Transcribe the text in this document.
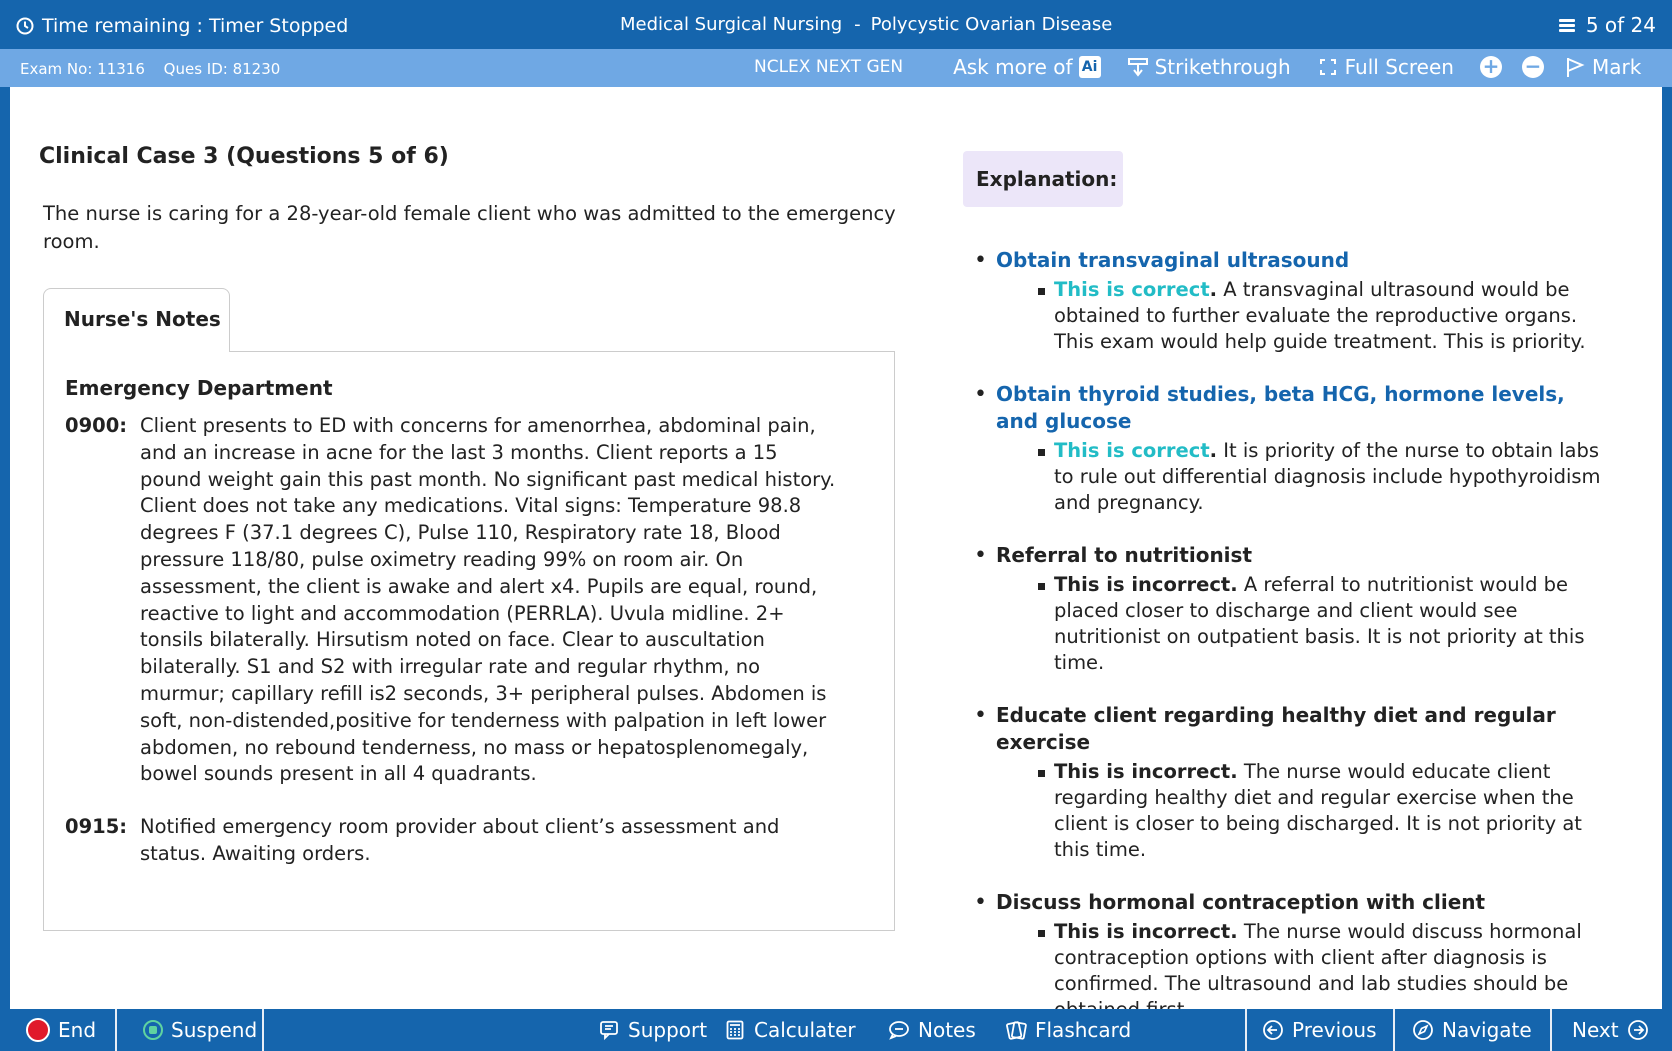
Time remaining : Timer Stopped	Medical Surgical Nursing - Polycystic Ovarian Disease	5 of 24
Exam No: 11316 Ques ID: 81230	NCLEX NEXT GEN	Ask more of Ai	Strikethrough	Full Screen + −	Mark
Clinical Case 3 (Questions 5 of 6)
The nurse is caring for a 28-year-old female client who was admitted to the emergency room.
Nurse's Notes
Emergency Department
0900: Client presents to ED with concerns for amenorrhea, abdominal pain, and an increase in acne for the last 3 months. Client reports a 15 pound weight gain this past month. No significant past medical history. Client does not take any medications. Vital signs: Temperature 98.8 degrees F (37.1 degrees C), Pulse 110, Respiratory rate 18, Blood pressure 118/80, pulse oximetry reading 99% on room air. On assessment, the client is awake and alert x4. Pupils are equal, round, reactive to light and accommodation (PERRLA). Uvula midline. 2+ tonsils bilaterally. Hirsutism noted on face. Clear to auscultation bilaterally. S1 and S2 with irregular rate and regular rhythm, no murmur; capillary refill is2 seconds, 3+ peripheral pulses. Abdomen is soft, non-distended,positive for tenderness with palpation in left lower abdomen, no rebound tenderness, no mass or hepatosplenomegaly, bowel sounds present in all 4 quadrants.
0915: Notified emergency room provider about client’s assessment and status. Awaiting orders.
Explanation:
• Obtain transvaginal ultrasound
This is correct. A transvaginal ultrasound would be obtained to further evaluate the reproductive organs. This exam would help guide treatment. This is priority.
• Obtain thyroid studies, beta HCG, hormone levels, and glucose
This is correct. It is priority of the nurse to obtain labs to rule out differential diagnosis include hypothyroidism and pregnancy.
• Referral to nutritionist
This is incorrect. A referral to nutritionist would be placed closer to discharge and client would see nutritionist on outpatient basis. It is not priority at this time.
• Educate client regarding healthy diet and regular exercise
This is incorrect. The nurse would educate client regarding healthy diet and regular exercise when the client is closer to being discharged. It is not priority at this time.
• Discuss hormonal contraception with client
This is incorrect. The nurse would discuss hormonal contraception options with client after diagnosis is confirmed. The ultrasound and lab studies should be
End	Suspend	Support Calculater	Notes	Flashcard	Previous	Navigate Next
